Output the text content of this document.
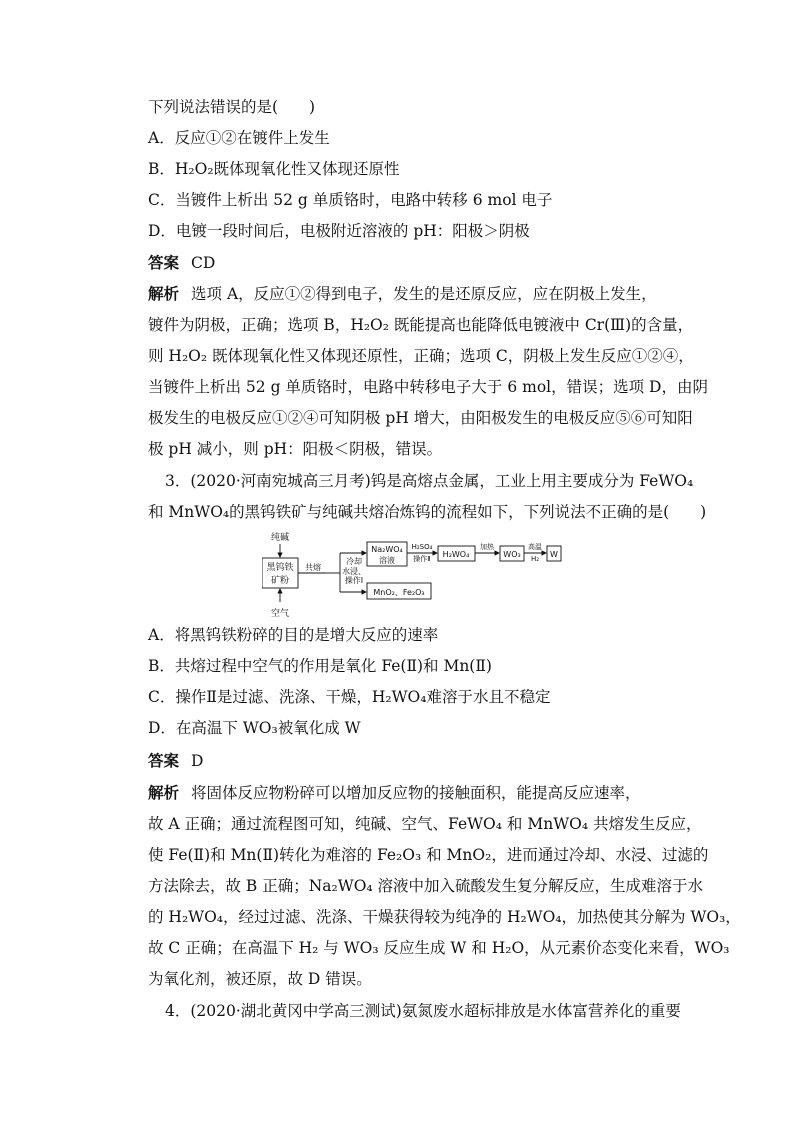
下列说法错误的是(　　)
A．反应①②在镀件上发生
B．H₂O₂既体现氧化性又体现还原性
C．当镀件上析出 52 g 单质铬时，电路中转移 6 mol 电子
D．电镀一段时间后，电极附近溶液的 pH：阳极＞阴极
答案 CD
解析 选项 A，反应①②得到电子，发生的是还原反应，应在阴极上发生，
镀件为阴极，正确；选项 B，H₂O₂ 既能提高也能降低电镀液中 Cr(Ⅲ)的含量，
则 H₂O₂ 既体现氧化性又体现还原性，正确；选项 C，阴极上发生反应①②④，
当镀件上析出 52 g 单质铬时，电路中转移电子大于 6 mol，错误；选项 D，由阴
极发生的电极反应①②④可知阴极 pH 增大，由阳极发生的电极反应⑤⑥可知阳
极 pH 减小，则 pH：阳极＜阴极，错误。
3．(2020·河南宛城高三月考)钨是高熔点金属，工业上用主要成分为 FeWO₄
和 MnWO₄的黑钨铁矿与纯碱共熔冶炼钨的流程如下，下列说法不正确的是(　　)
纯碱
空气
黑钨铁
矿粉
共熔
冷却
水浸、
操作Ⅰ
Na₂WO₄
溶液
H₂SO₄
操作Ⅱ H₂WO₄
加热
WO₃
高温
H₂ W
MnO₂、Fe₂O₃
A．将黑钨铁粉碎的目的是增大反应的速率
B．共熔过程中空气的作用是氧化 Fe(Ⅱ)和 Mn(Ⅱ)
C．操作Ⅱ是过滤、洗涤、干燥，H₂WO₄难溶于水且不稳定
D．在高温下 WO₃被氧化成 W
答案 D
解析 将固体反应物粉碎可以增加反应物的接触面积，能提高反应速率，
故 A 正确；通过流程图可知，纯碱、空气、FeWO₄ 和 MnWO₄ 共熔发生反应，
使 Fe(Ⅱ)和 Mn(Ⅱ)转化为难溶的 Fe₂O₃ 和 MnO₂，进而通过冷却、水浸、过滤的
方法除去，故 B 正确；Na₂WO₄ 溶液中加入硫酸发生复分解反应，生成难溶于水
的 H₂WO₄，经过过滤、洗涤、干燥获得较为纯净的 H₂WO₄，加热使其分解为 WO₃，
故 C 正确；在高温下 H₂ 与 WO₃ 反应生成 W 和 H₂O，从元素价态变化来看，WO₃
为氧化剂，被还原，故 D 错误。
4．(2020·湖北黄冈中学高三测试)氨氮废水超标排放是水体富营养化的重要
